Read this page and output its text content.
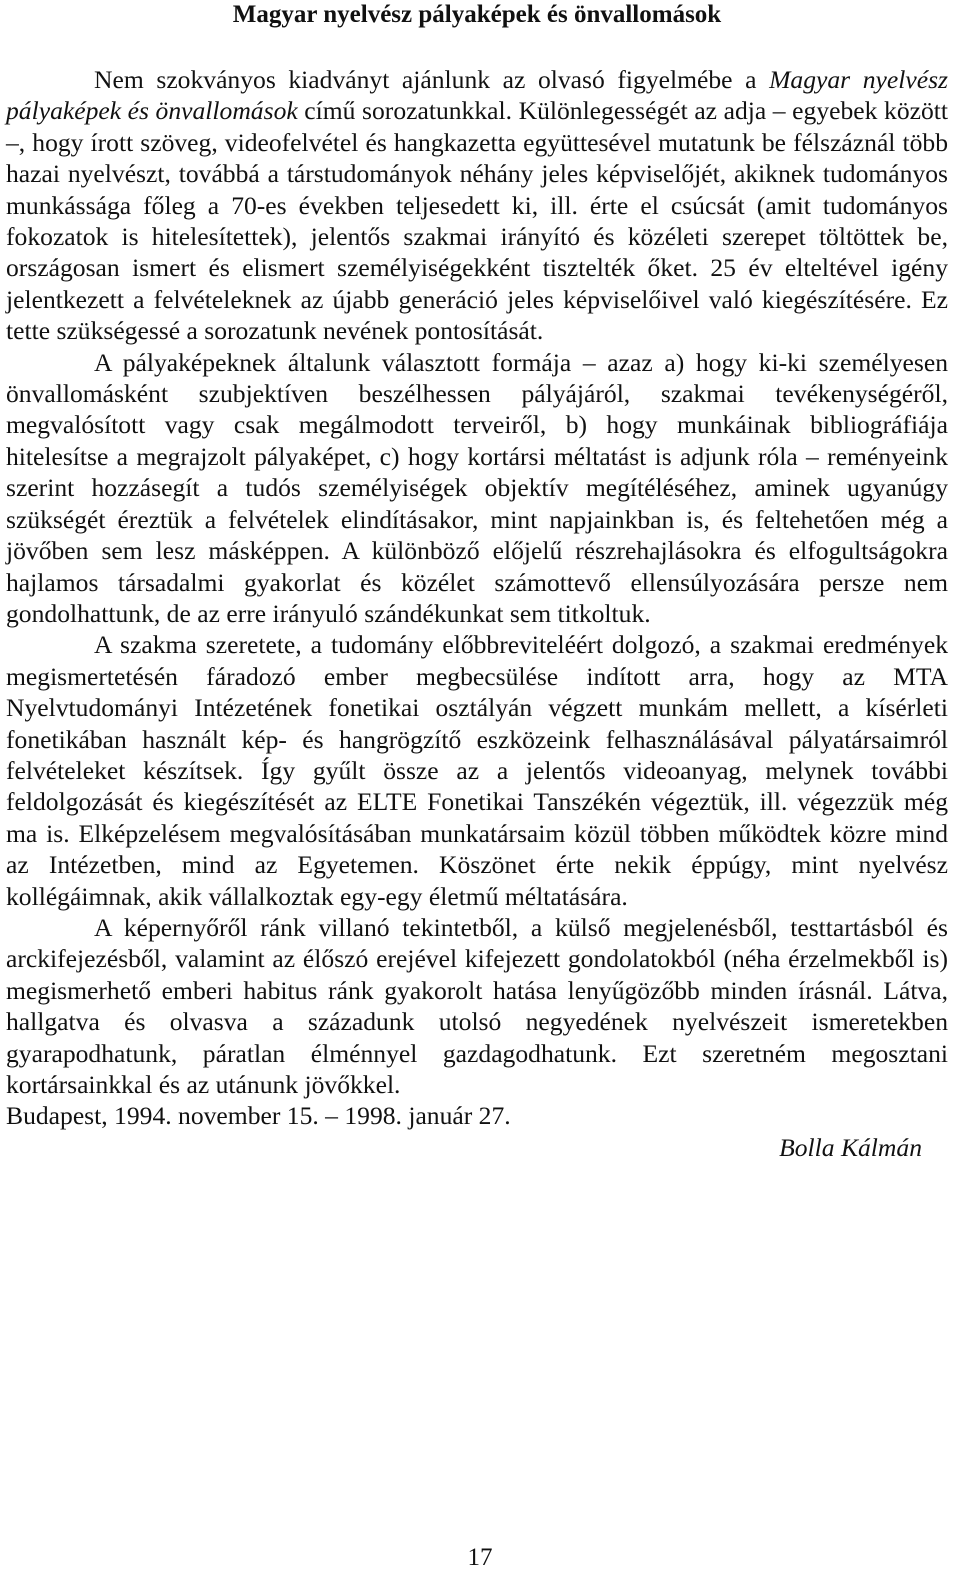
Magyar nyelvész pályaképek és önvallomások

Nem szokványos kiadványt ajánlunk az olvasó figyelmébe a Magyar nyelvész pályaképek és önvallomások című sorozatunkkal. Különlegességét az adja – egyebek között –, hogy írott szöveg, videofelvétel és hangkazetta együttesével mutatunk be félszáznál több hazai nyelvészt, továbbá a társtudományok néhány jeles képviselőjét, akiknek tudományos munkássága főleg a 70-es években teljesedett ki, ill. érte el csúcsát (amit tudományos fokozatok is hitelesítettek), jelentős szakmai irányító és közéleti szerepet töltöttek be, országosan ismert és elismert személyiségekként tisztelték őket. 25 év elteltével igény jelentkezett a felvételeknek az újabb generáció jeles képviselőivel való kiegészítésére. Ez tette szükségessé a sorozatunk nevének pontosítását.

A pályaképeknek általunk választott formája – azaz a) hogy ki-ki személyesen önvallomásként szubjektíven beszélhessen pályájáról, szakmai tevékenységéről, megvalósított vagy csak megálmodott terveiről, b) hogy munkáinak bibliográfiája hitelesítse a megrajzolt pályaképet, c) hogy kortársi méltatást is adjunk róla – reményeink szerint hozzásegít a tudós személyiségek objektív megítéléséhez, aminek ugyanúgy szükségét éreztük a felvételek elindításakor, mint napjainkban is, és feltehetően még a jövőben sem lesz másképpen. A különböző előjelű részrehajlásokra és elfogultságokra hajlamos társadalmi gyakorlat és közélet számottevő ellensúlyozására persze nem gondolhattunk, de az erre irányuló szándékunkat sem titkoltuk.

A szakma szeretete, a tudomány előbbreviteléért dolgozó, a szakmai eredmények megismertetésén fáradozó ember megbecsülése indított arra, hogy az MTA Nyelvtudományi Intézetének fonetikai osztályán végzett munkám mellett, a kísérleti fonetikában használt kép- és hangrögzítő eszközeink felhasználásával pályatársaimról felvételeket készítsek. Így gyűlt össze az a jelentős videoanyag, melynek további feldolgozását és kiegészítését az ELTE Fonetikai Tanszékén végeztük, ill. végezzük még ma is. Elképzelésem megvalósításában munkatársaim közül többen működtek közre mind az Intézetben, mind az Egyetemen. Köszönet érte nekik éppúgy, mint nyelvész kollégáimnak, akik vállalkoztak egy-egy életmű méltatására.

A képernyőről ránk villanó tekintetből, a külső megjelenésből, testtartásból és arckifejezésből, valamint az élőszó erejével kifejezett gondolatokból (néha érzelmekből is) megismerhető emberi habitus ránk gyakorolt hatása lenyűgözőbb minden írásnál. Látva, hallgatva és olvasva a századunk utolsó negyedének nyelvészeit ismeretekben gyarapodhatunk, páratlan élménnyel gazdagodhatunk. Ezt szeretném megosztani kortársainkkal és az utánunk jövőkkel.

Budapest, 1994. november 15. – 1998. január 27.

Bolla Kálmán

17
